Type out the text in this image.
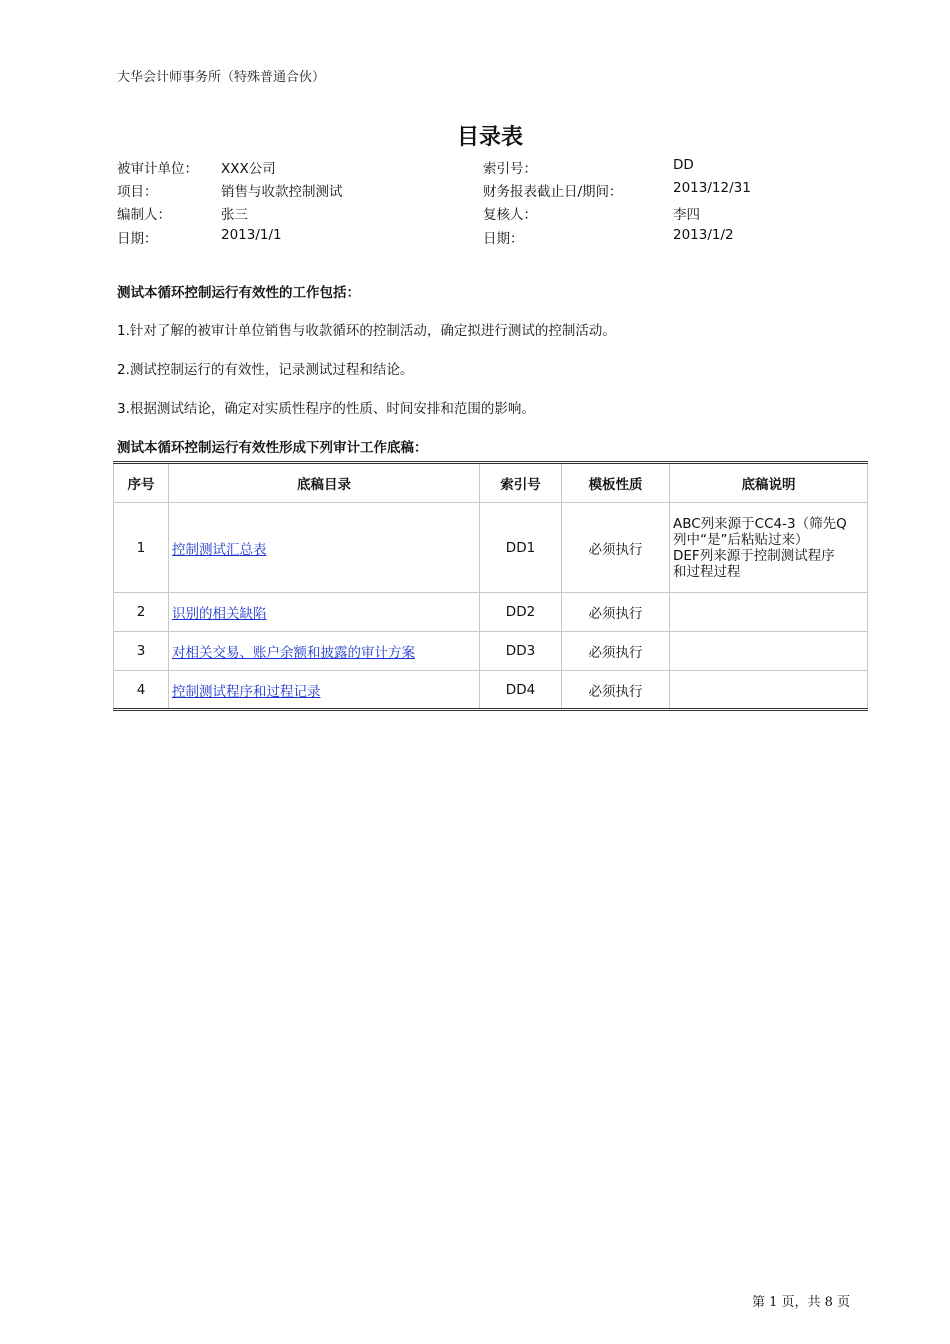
大华会计师事务所（特殊普通合伙）
目录表
被审计单位： XXX公司
项目：	销售与收款控制测试
编制人：	张三
日期：	2013/1/1
索引号：	DD
财务报表截止日/期间：	2013/12/31
复核人：	李四
日期：	2013/1/2
测试本循环控制运行有效性的工作包括：
1.针对了解的被审计单位销售与收款循环的控制活动，确定拟进行测试的控制活动。
2.测试控制运行的有效性，记录测试过程和结论。
3.根据测试结论，确定对实质性程序的性质、时间安排和范围的影响。
测试本循环控制运行有效性形成下列审计工作底稿：
序号	底稿目录	索引号	模板性质	底稿说明
1	控制测试汇总表	DD1	必须执行	ABC列来源于CC4-3（筛先Q
列中“是”后粘贴过来）
DEF列来源于控制测试程序
和过程过程

2	识别的相关缺陷	DD2	必须执行	
3	对相关交易、账户余额和披露的审计方案	DD3	必须执行	
4	控制测试程序和过程记录	DD4	必须执行	
第 1 页，共 8 页
